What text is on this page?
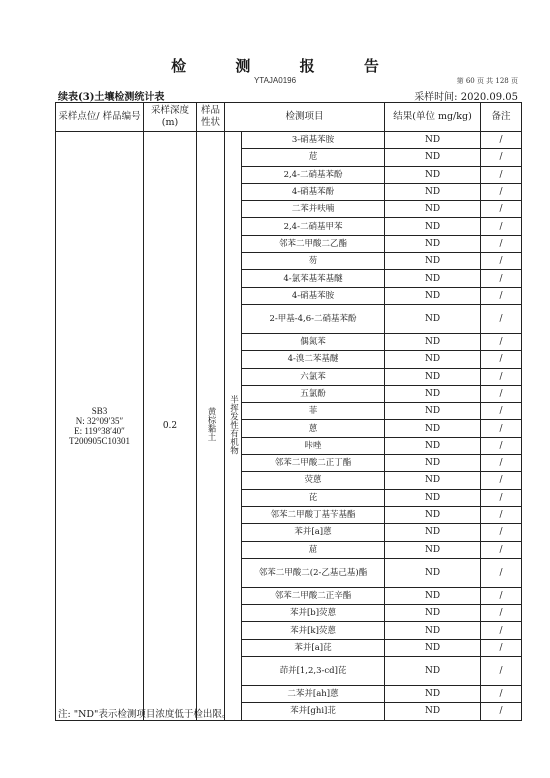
检 测 报 告
YTAJA0196	第 60 页 共 128 页
续表(3)土壤检测统计表	采样时间: 2020.09.05
采样点位/ 样品编号	采样深度 (m)	样品 性状	检测项目		结果(单位 mg/kg)	备注

SB3
N: 32°09′35″
E: 119°38′40″
T200905C10301	0.2	黄棕黏土	半挥发性有机物	3-硝基苯胺	ND	/
				苊	ND	/
				2,4-二硝基苯酚	ND	/
				4-硝基苯酚	ND	/
				二苯并呋喃	ND	/
				2,4-二硝基甲苯	ND	/
				邻苯二甲酸二乙酯	ND	/
				芴	ND	/
				4-氯苯基苯基醚	ND	/
				4-硝基苯胺	ND	/
				2-甲基-4,6-二硝基苯酚	ND	/
				偶氮苯	ND	/
				4-溴二苯基醚	ND	/
				六氯苯	ND	/
				五氯酚	ND	/
				菲	ND	/
				蒽	ND	/
				咔唑	ND	/
				邻苯二甲酸二正丁酯	ND	/
				荧蒽	ND	/
				芘	ND	/
				邻苯二甲酸丁基苄基酯	ND	/
				苯并[a]蒽	ND	/
				䓛	ND	/
				邻苯二甲酸二(2-乙基己基)酯	ND	/
				邻苯二甲酸二正辛酯	ND	/
				苯并[b]荧蒽	ND	/
				苯并[k]荧蒽	ND	/
				苯并[a]芘	ND	/
				茚并[1,2,3-cd]芘	ND	/
				二苯并[ah]蒽	ND	/
				苯并[ghi]苝	ND	/
注: "ND"表示检测项目浓度低于检出限。
